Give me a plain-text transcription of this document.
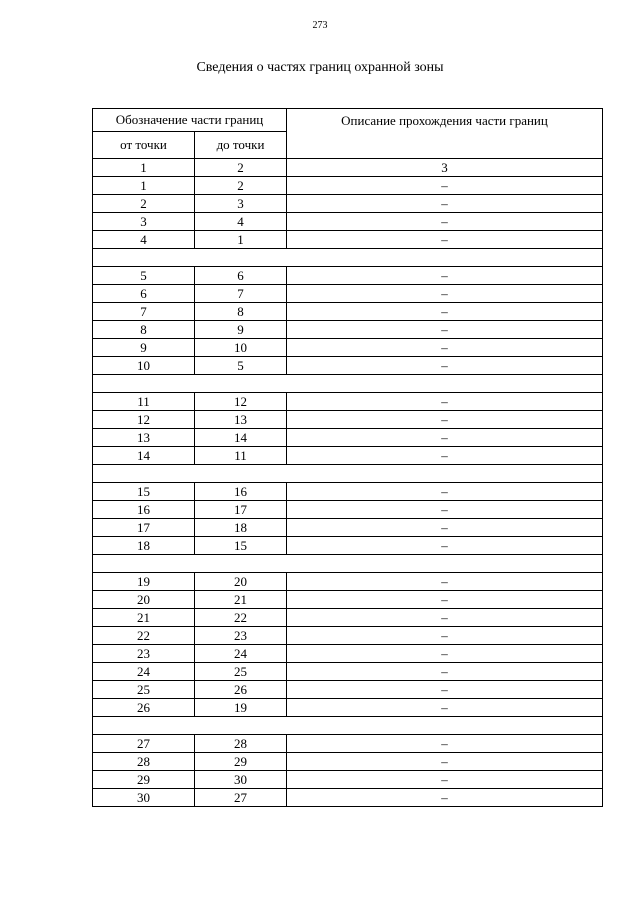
273
Сведения о частях границ охранной зоны
Обозначение части границ		Описание прохождения части границ
от точки	до точки	
1	2	3
1	2	–
2	3	–
3	4	–
4	1	–

5	6	–
6	7	–
7	8	–
8	9	–
9	10	–
10	5	–

11	12	–
12	13	–
13	14	–
14	11	–

15	16	–
16	17	–
17	18	–
18	15	–

19	20	–
20	21	–
21	22	–
22	23	–
23	24	–
24	25	–
25	26	–
26	19	–

27	28	–
28	29	–
29	30	–
30	27	–
